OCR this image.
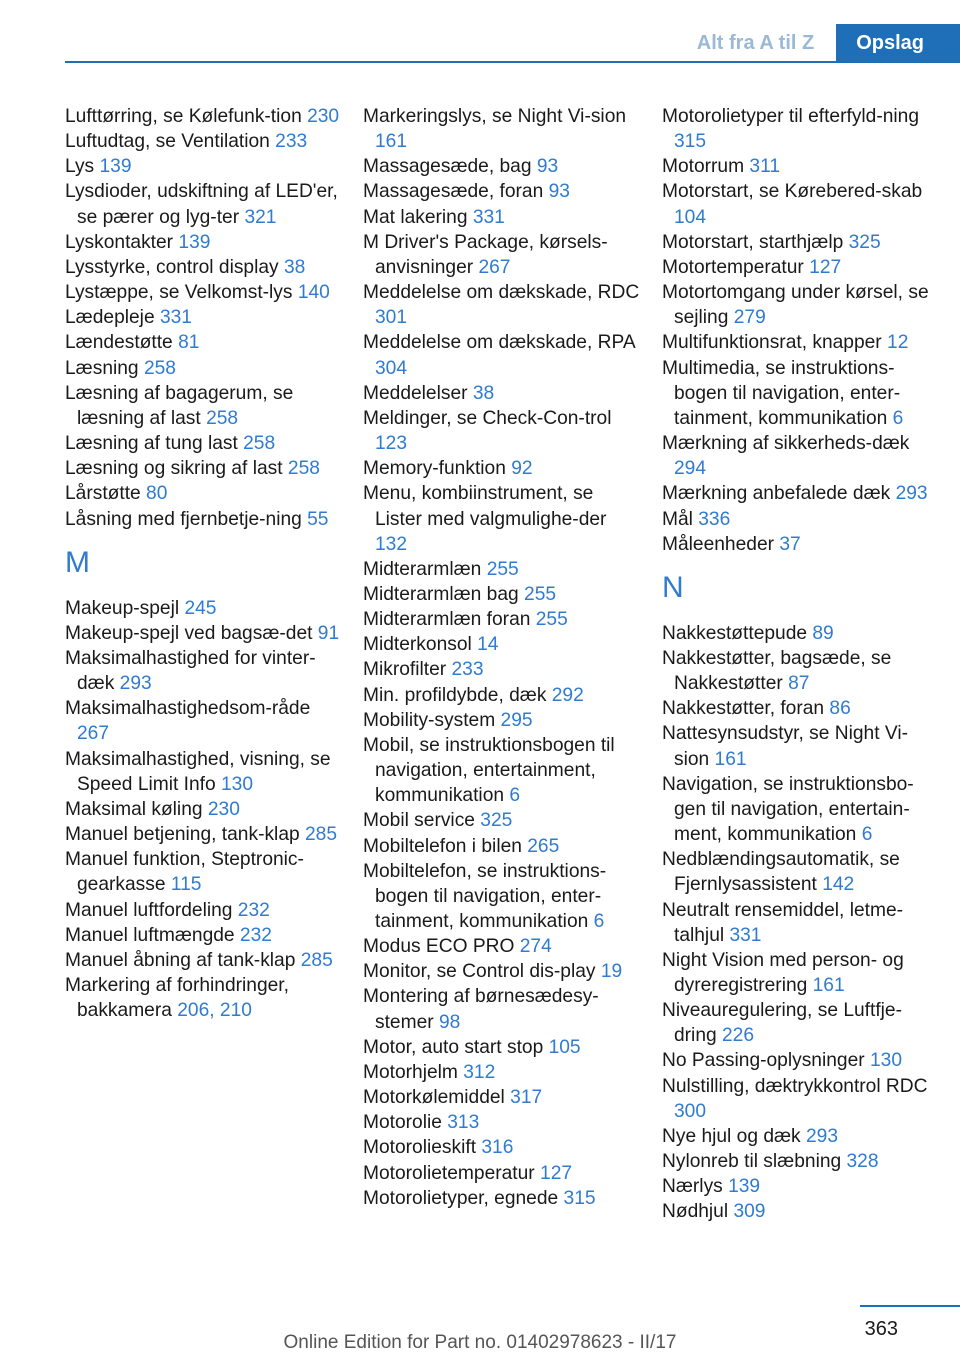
Alt fra A til Z	Opslag
Lufttørring, se Kølefunk-tion 230
Luftudtag, se Ventilation 233
Lys 139
Lysdioder, udskiftning af LED'er, se pærer og lyg-ter 321
Lyskontakter 139
Lysstyrke, control display 38
Lystæppe, se Velkomst-lys 140
Lædepleje 331
Lændestøtte 81
Læsning 258
Læsning af bagagerum, se læsning af last 258
Læsning af tung last 258
Læsning og sikring af last 258
Lårstøtte 80
Låsning med fjernbetje-ning 55
M
Makeup-spejl 245
Makeup-spejl ved bagsæ-det 91
Maksimalhastighed for vinter-dæk 293
Maksimalhastighedsom-råde 267
Maksimalhastighed, visning, se Speed Limit Info 130
Maksimal køling 230
Manuel betjening, tank-klap 285
Manuel funktion, Steptronic-gearkasse 115
Manuel luftfordeling 232
Manuel luftmængde 232
Manuel åbning af tank-klap 285
Markering af forhindringer, bakkamera 206, 210
Markeringslys, se Night Vi-sion 161
Massagesæde, bag 93
Massagesæde, foran 93
Mat lakering 331
M Driver's Package, kørsels-anvisninger 267
Meddelelse om dækskade, RDC 301
Meddelelse om dækskade, RPA 304
Meddelelser 38
Meldinger, se Check-Con-trol 123
Memory-funktion 92
Menu, kombiinstrument, se Lister med valgmulighe-der 132
Midterarmlæn 255
Midterarmlæn bag 255
Midterarmlæn foran 255
Midterkonsol 14
Mikrofilter 233
Min. profildybde, dæk 292
Mobility-system 295
Mobil, se instruktionsbogen til navigation, entertainment, kommunikation 6
Mobil service 325
Mobiltelefon i bilen 265
Mobiltelefon, se instruktions-bogen til navigation, enter-tainment, kommunikation 6
Modus ECO PRO 274
Monitor, se Control dis-play 19
Montering af børnesædesy-stemer 98
Motor, auto start stop 105
Motorhjelm 312
Motorkølemiddel 317
Motorolie 313
Motorolieskift 316
Motorolietemperatur 127
Motorolietyper, egnede 315
Motorolietyper til efterfyld-ning 315
Motorrum 311
Motorstart, se Kørebered-skab 104
Motorstart, starthjælp 325
Motortemperatur 127
Motortomgang under kørsel, se sejling 279
Multifunktionsrat, knapper 12
Multimedia, se instruktions-bogen til navigation, enter-tainment, kommunikation 6
Mærkning af sikkerheds-dæk 294
Mærkning anbefalede dæk 293
Mål 336
Måleenheder 37
N
Nakkestøttepude 89
Nakkestøtter, bagsæde, se Nakkestøtter 87
Nakkestøtter, foran 86
Nattesynsudstyr, se Night Vi-sion 161
Navigation, se instruktionsbo-gen til navigation, entertain-ment, kommunikation 6
Nedblændingsautomatik, se Fjernlysassistent 142
Neutralt rensemiddel, letme-talhjul 331
Night Vision med person- og dyreregistrering 161
Niveauregulering, se Luftfje-dring 226
No Passing-oplysninger 130
Nulstilling, dæktrykkontrol RDC 300
Nye hjul og dæk 293
Nylonreb til slæbning 328
Nærlys 139
Nødhjul 309
363
Online Edition for Part no. 01402978623 - II/17
